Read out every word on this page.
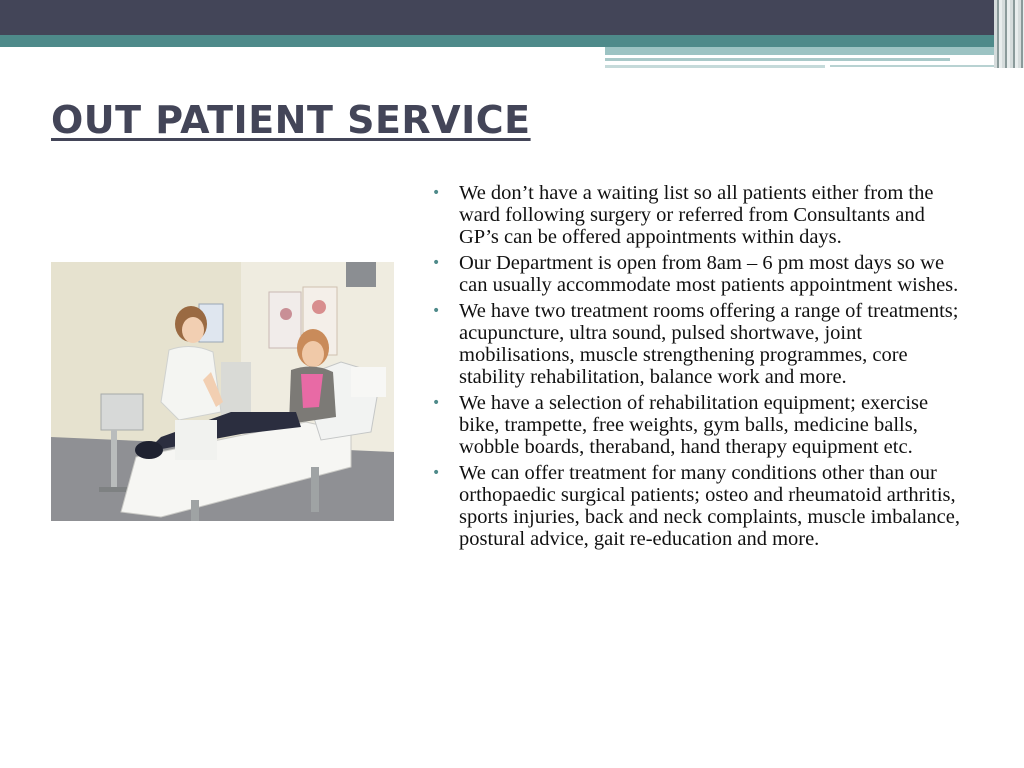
OUT PATIENT SERVICE
• We don’t have a waiting list so all patients either from the ward following surgery or referred from Consultants and GP’s can be offered appointments within days.
• Our Department is open from 8am – 6 pm most days so we can usually accommodate most patients appointment wishes.
• We have two treatment rooms offering a range of treatments; acupuncture, ultra sound, pulsed shortwave, joint mobilisations, muscle strengthening programmes, core stability rehabilitation, balance work and more.
• We have a selection of rehabilitation equipment; exercise bike, trampette, free weights, gym balls, medicine balls, wobble boards, theraband, hand therapy equipment etc.
• We can offer treatment for many conditions other than our orthopaedic surgical patients; osteo and rheumatoid arthritis, sports injuries, back and neck complaints, muscle imbalance, postural advice, gait re-education and more.
